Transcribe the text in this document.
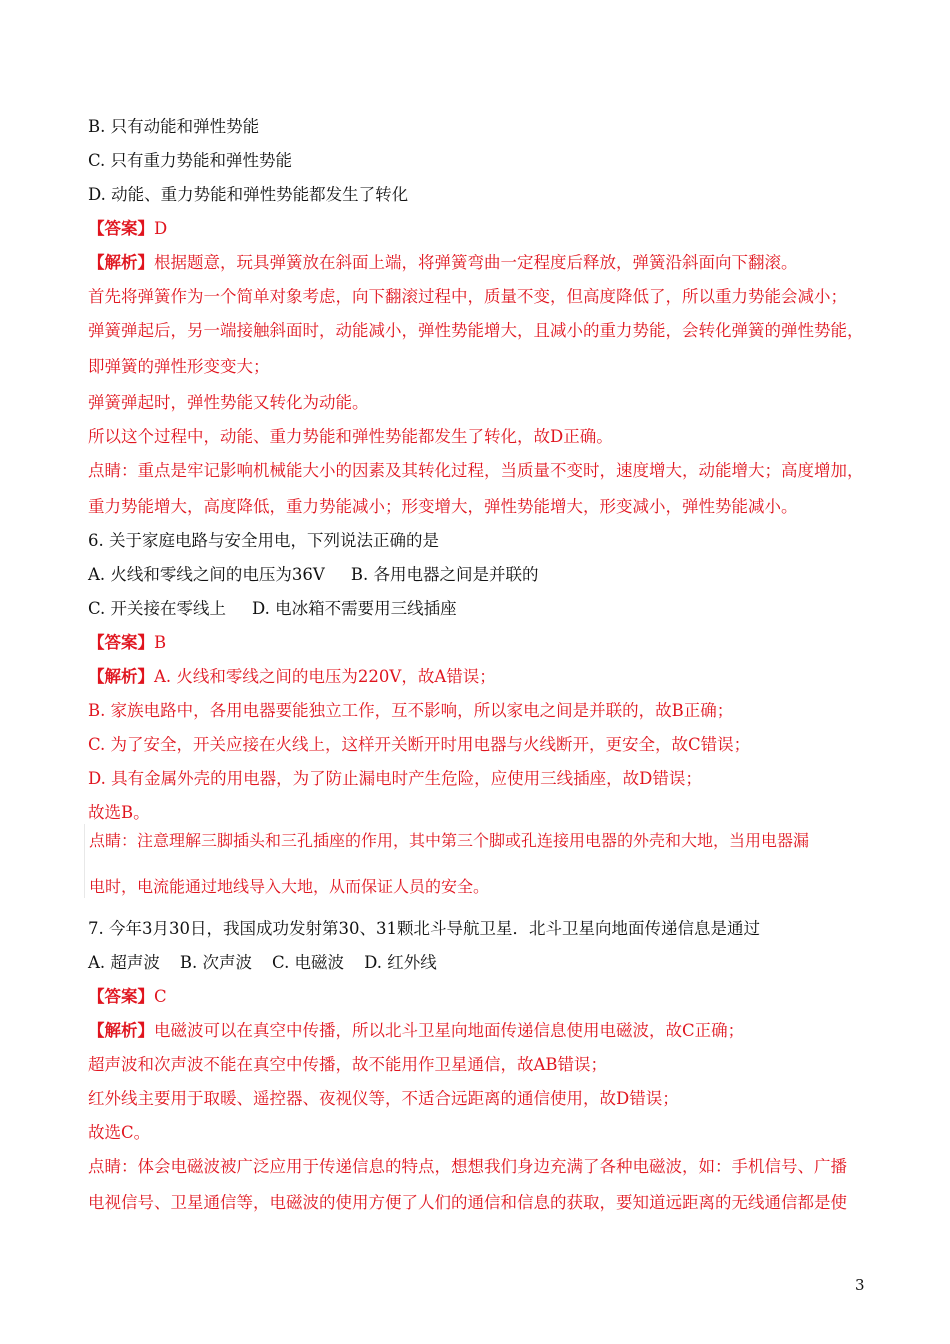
B. 只有动能和弹性势能
C. 只有重力势能和弹性势能
D. 动能、重力势能和弹性势能都发生了转化
【答案】D
【解析】根据题意，玩具弹簧放在斜面上端，将弹簧弯曲一定程度后释放，弹簧沿斜面向下翻滚。
首先将弹簧作为一个简单对象考虑，向下翻滚过程中，质量不变，但高度降低了，所以重力势能会减小；
弹簧弹起后，另一端接触斜面时，动能减小，弹性势能增大，且减小的重力势能，会转化弹簧的弹性势能，
即弹簧的弹性形变变大；
弹簧弹起时，弹性势能又转化为动能。
所以这个过程中，动能、重力势能和弹性势能都发生了转化，故D正确。
点睛：重点是牢记影响机械能大小的因素及其转化过程，当质量不变时，速度增大，动能增大；高度增加，
重力势能增大，高度降低，重力势能减小；形变增大，弹性势能增大，形变减小，弹性势能减小。
6. 关于家庭电路与安全用电，下列说法正确的是
A. 火线和零线之间的电压为36V B. 各用电器之间是并联的
C. 开关接在零线上 D. 电冰箱不需要用三线插座
【答案】B
【解析】A. 火线和零线之间的电压为220V，故A错误；
B. 家族电路中，各用电器要能独立工作，互不影响，所以家电之间是并联的，故B正确；
C. 为了安全，开关应接在火线上，这样开关断开时用电器与火线断开，更安全，故C错误；
D. 具有金属外壳的用电器，为了防止漏电时产生危险，应使用三线插座，故D错误；
故选B。
点睛：注意理解三脚插头和三孔插座的作用，其中第三个脚或孔连接用电器的外壳和大地，当用电器漏
电时，电流能通过地线导入大地，从而保证人员的安全。
7. 今年3月30日，我国成功发射第30、31颗北斗导航卫星．北斗卫星向地面传递信息是通过
A. 超声波 B. 次声波 C. 电磁波 D. 红外线
【答案】C
【解析】电磁波可以在真空中传播，所以北斗卫星向地面传递信息使用电磁波，故C正确；
超声波和次声波不能在真空中传播，故不能用作卫星通信，故AB错误；
红外线主要用于取暖、遥控器、夜视仪等，不适合远距离的通信使用，故D错误；
故选C。
点睛：体会电磁波被广泛应用于传递信息的特点，想想我们身边充满了各种电磁波，如：手机信号、广播
电视信号、卫星通信等，电磁波的使用方便了人们的通信和信息的获取，要知道远距离的无线通信都是使
3
